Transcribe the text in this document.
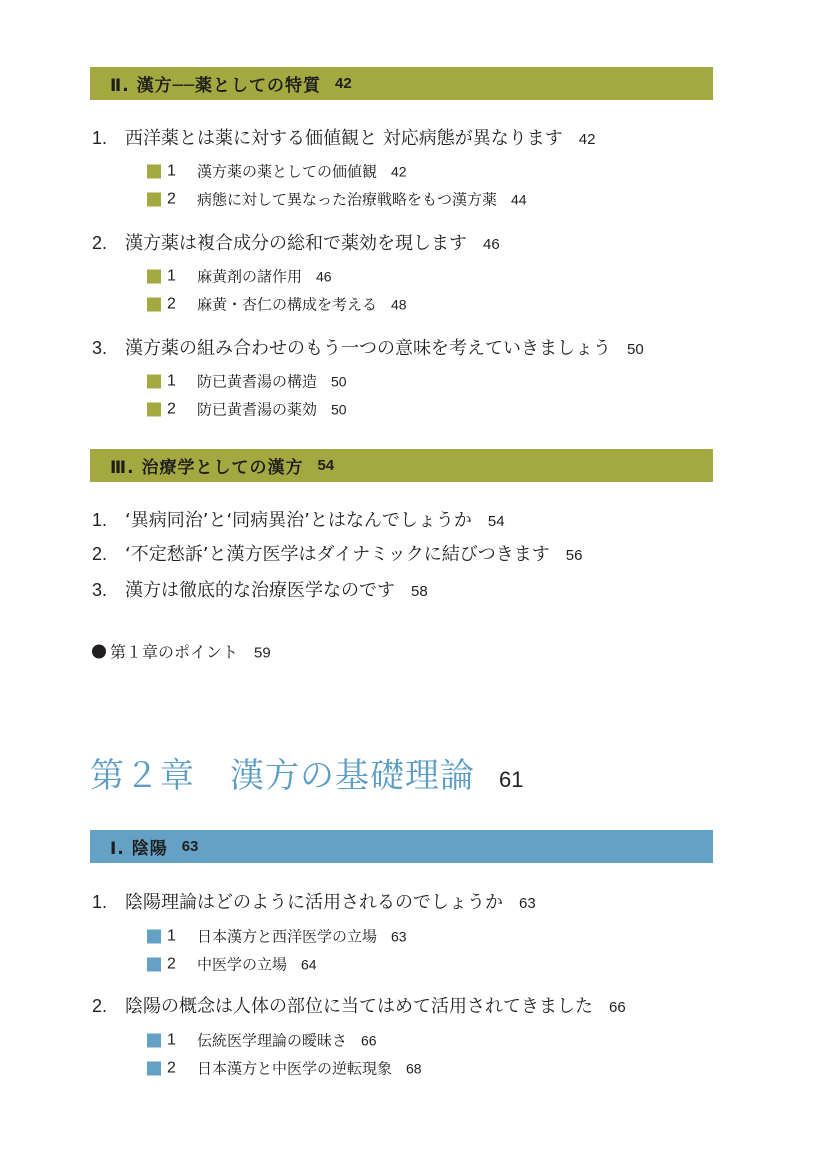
Ⅱ. 漢方──薬としての特質 42
1. 西洋薬とは薬に対する価値観と 対応病態が異なります 42
1	漢方薬の薬としての価値観 42
2	病態に対して異なった治療戦略をもつ漢方薬 44
2. 漢方薬は複合成分の総和で薬効を現します 46
1	麻黄剤の諸作用 46
2	麻黄・杏仁の構成を考える 48
3. 漢方薬の組み合わせのもう一つの意味を考えていきましょう 50
1	防已黄耆湯の構造 50
2	防已黄耆湯の薬効 50
Ⅲ. 治療学としての漢方 54
1. ‘異病同治’と‘同病異治’とはなんでしょうか 54
2. ‘不定愁訴’と漢方医学はダイナミックに結びつきます 56
3. 漢方は徹底的な治療医学なのです 58
第１章のポイント 59
第２章　漢方の基礎理論 61
Ⅰ. 陰陽 63
1. 陰陽理論はどのように活用されるのでしょうか 63
1	日本漢方と西洋医学の立場 63
2	中医学の立場 64
2. 陰陽の概念は人体の部位に当てはめて活用されてきました 66
1	伝統医学理論の曖昧さ 66
2	日本漢方と中医学の逆転現象 68
